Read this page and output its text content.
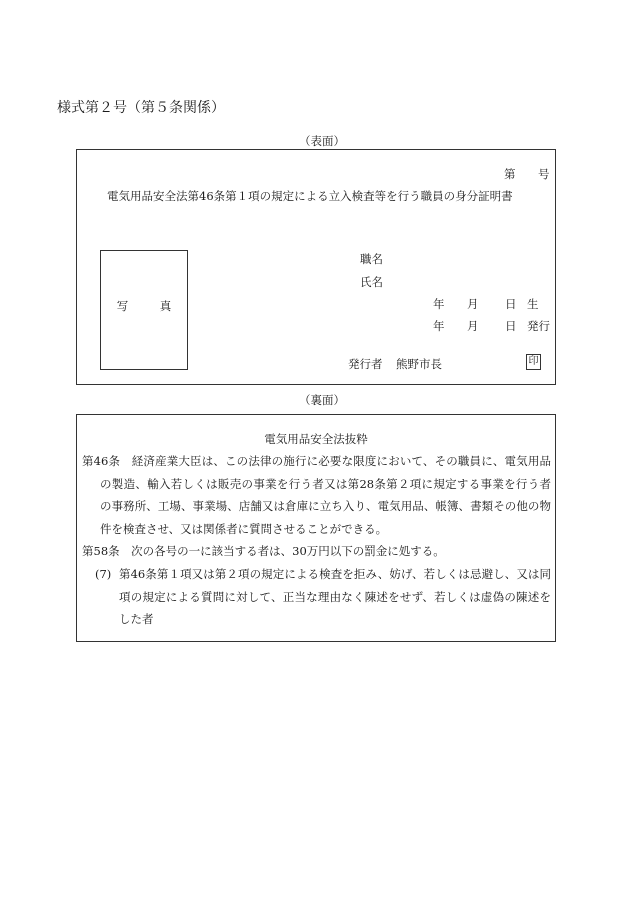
様式第２号（第５条関係）
（表面）
第 号
電気用品安全法第46条第１項の規定による立入検査等を行う職員の身分証明書
写　真
職名
氏名
年 月 日 生
年 月 日 発行
発行者 熊野市長	印
（裏面）
電気用品安全法抜粋
第46条　経済産業大臣は、この法律の施行に必要な限度において、その職員に、電気用品の製造、輸入若しくは販売の事業を行う者又は第28条第２項に規定する事業を行う者の事務所、工場、事業場、店舗又は倉庫に立ち入り、電気用品、帳簿、書類その他の物件を検査させ、又は関係者に質問させることができる。
第58条　次の各号の一に該当する者は、30万円以下の罰金に処する。
(7) 第46条第１項又は第２項の規定による検査を拒み、妨げ、若しくは忌避し、又は同項の規定による質問に対して、正当な理由なく陳述をせず、若しくは虚偽の陳述をした者
